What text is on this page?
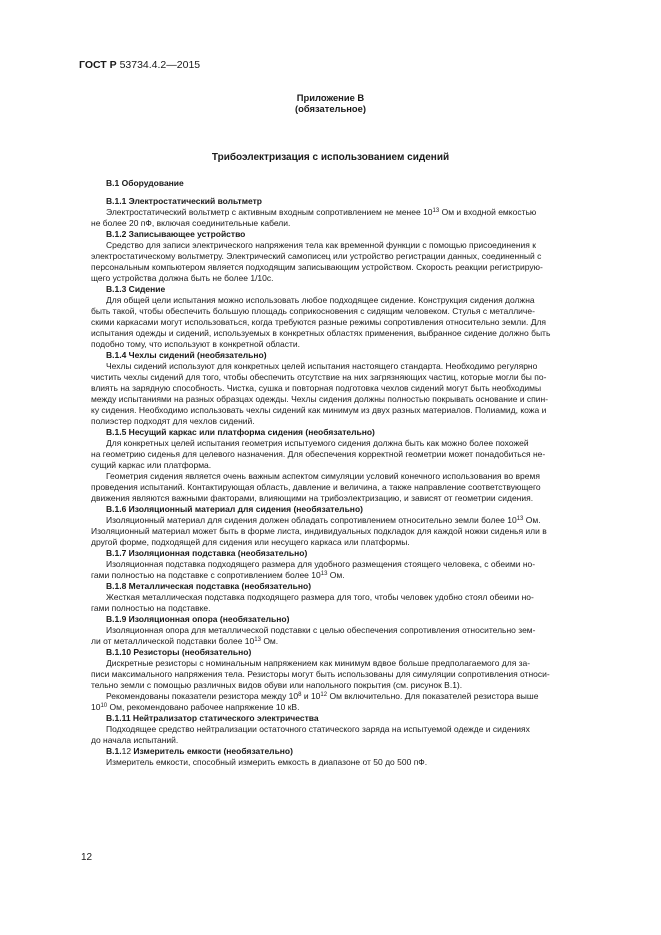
ГОСТ Р 53734.4.2—2015
Приложение В
(обязательное)
Трибоэлектризация с использованием сидений
В.1 Оборудование
В.1.1 Электростатический вольтметр
Электростатический вольтметр с активным входным сопротивлением не менее $10^{13}$ Ом и входной емкостью
не более 20 пФ, включая соединительные кабели.
В.1.2 Записывающее устройство
Средство для записи электрического напряжения тела как временной функции с помощью присоединения к
электростатическому вольтметру. Электрический самописец или устройство регистрации данных, соединенный с
персональным компьютером является подходящим записывающим устройством. Скорость реакции регистрирую-
щего устройства должна быть не более 1/10с.
В.1.3 Сидение
Для общей цели испытания можно использовать любое подходящее сидение. Конструкция сидения должна
быть такой, чтобы обеспечить большую площадь соприкосновения с сидящим человеком. Стулья с металличе-
скими каркасами могут использоваться, когда требуются разные режимы сопротивления относительно земли. Для
испытания одежды и сидений, используемых в конкретных областях применения, выбранное сидение должно быть
подобно тому, что используют в конкретной области.
В.1.4 Чехлы сидений (необязательно)
Чехлы сидений используют для конкретных целей испытания настоящего стандарта. Необходимо регулярно
чистить чехлы сидений для того, чтобы обеспечить отсутствие на них загрязняющих частиц, которые могли бы по-
влиять на зарядную способность. Чистка, сушка и повторная подготовка чехлов сидений могут быть необходимы
между испытаниями на разных образцах одежды. Чехлы сидения должны полностью покрывать основание и спин-
ку сидения. Необходимо использовать чехлы сидений как минимум из двух разных материалов. Полиамид, кожа и
полиэстер подходят для чехлов сидений.
В.1.5 Несущий каркас или платформа сидения (необязательно)
Для конкретных целей испытания геометрия испытуемого сидения должна быть как можно более похожей
на геометрию сиденья для целевого назначения. Для обеспечения корректной геометрии может понадобиться не-
сущий каркас или платформа.
Геометрия сидения является очень важным аспектом симуляции условий конечного использования во время
проведения испытаний. Контактирующая область, давление и величина, а также направление соответствующего
движения являются важными факторами, влияющими на трибоэлектризацию, и зависят от геометрии сидения.
В.1.6 Изоляционный материал для сидения (необязательно)
Изоляционный материал для сидения должен обладать сопротивлением относительно земли более $10^{13}$ Ом.
Изоляционный материал может быть в форме листа, индивидуальных подкладок для каждой ножки сиденья или в
другой форме, подходящей для сидения или несущего каркаса или платформы.
В.1.7 Изоляционная подставка (необязательно)
Изоляционная подставка подходящего размера для удобного размещения стоящего человека, с обеими но-
гами полностью на подставке с сопротивлением более $10^{13}$ Ом.
В.1.8 Металлическая подставка (необязательно)
Жесткая металлическая подставка подходящего размера для того, чтобы человек удобно стоял обеими но-
гами полностью на подставке.
В.1.9 Изоляционная опора (необязательно)
Изоляционная опора для металлической подставки с целью обеспечения сопротивления относительно зем-
ли от металлической подставки более $10^{13}$ Ом.
В.1.10 Резисторы (необязательно)
Дискретные резисторы с номинальным напряжением как минимум вдвое больше предполагаемого для за-
писи максимального напряжения тела. Резисторы могут быть использованы для симуляции сопротивления относи-
тельно земли с помощью различных видов обуви или напольного покрытия (см. рисунок В.1).
Рекомендованы показатели резистора между $10^8$ и $10^{12}$ Ом включительно. Для показателей резистора выше
$10^{10}$ Ом, рекомендовано рабочее напряжение 10 кВ.
В.1.11 Нейтрализатор статического электричества
Подходящее средство нейтрализации остаточного статического заряда на испытуемой одежде и сидениях
до начала испытаний.
В.1.12 Измеритель емкости (необязательно)
Измеритель емкости, способный измерить емкость в диапазоне от 50 до 500 пФ.
12
